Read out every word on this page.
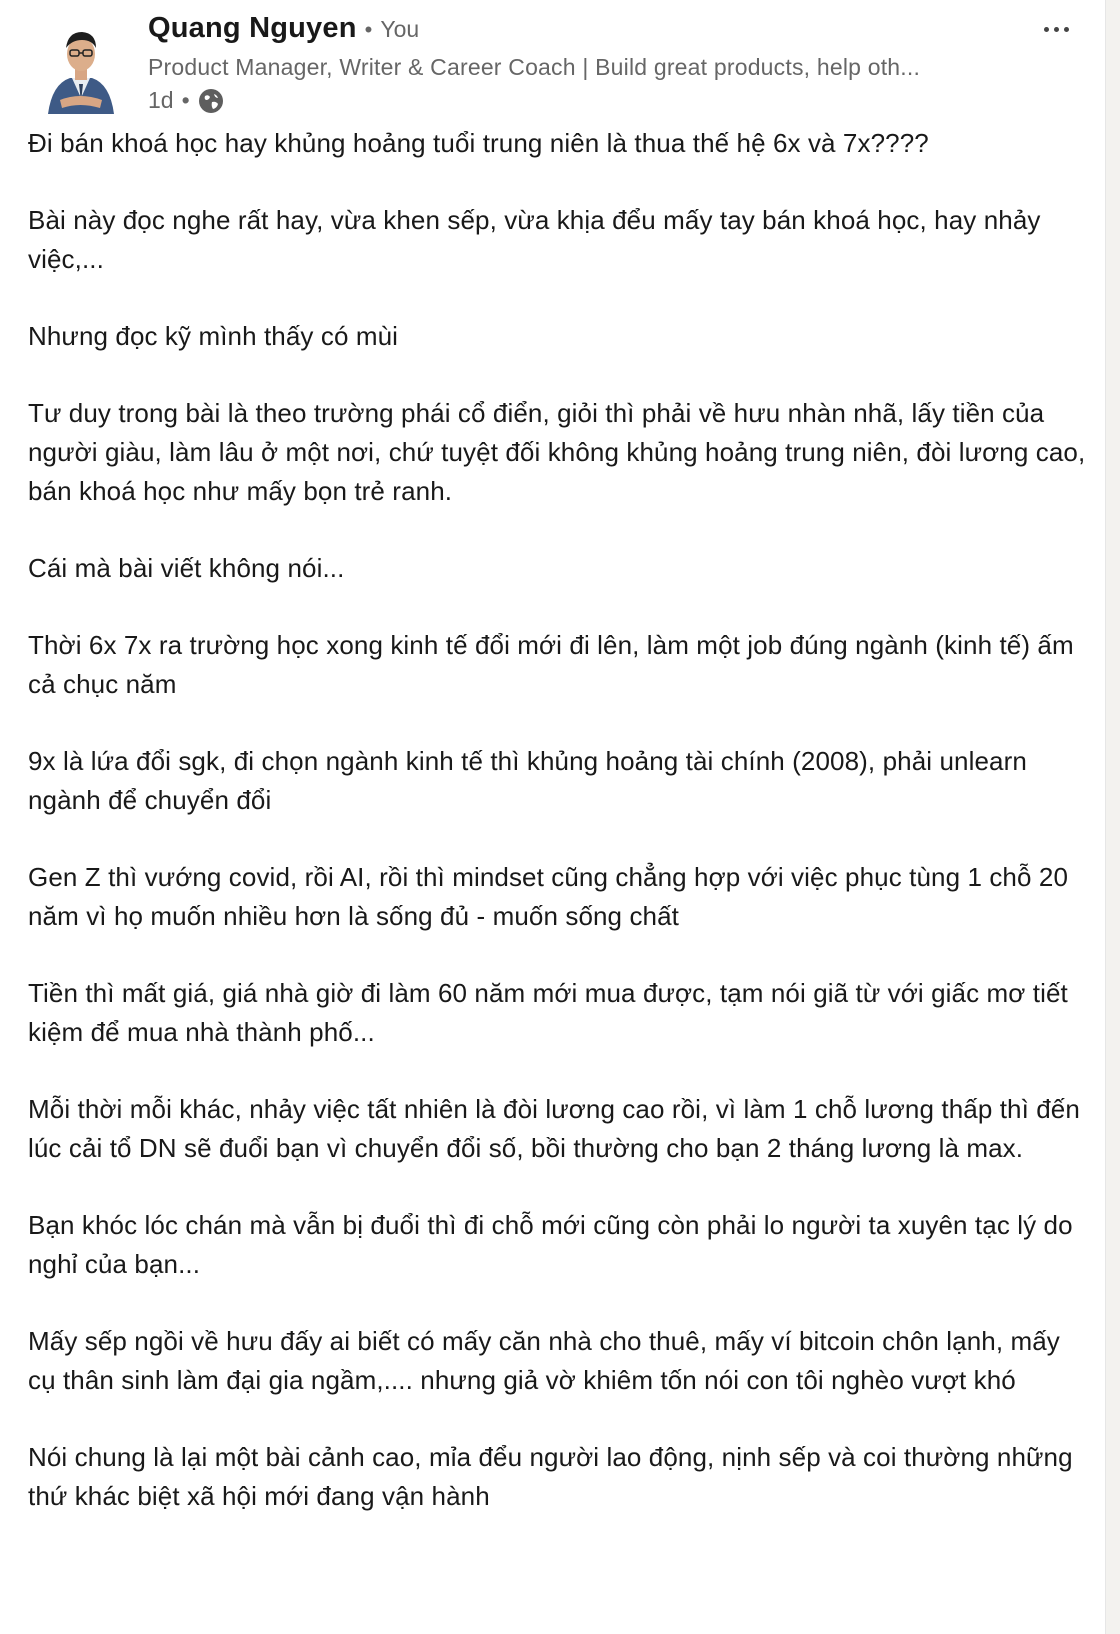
Quang Nguyen • You
Product Manager, Writer & Career Coach | Build great products, help oth...
1d •

Đi bán khoá học hay khủng hoảng tuổi trung niên là thua thế hệ 6x và 7x????

Bài này đọc nghe rất hay, vừa khen sếp, vừa khịa đểu mấy tay bán khoá học, hay nhảy việc,...

Nhưng đọc kỹ mình thấy có mùi

Tư duy trong bài là theo trường phái cổ điển, giỏi thì phải về hưu nhàn nhã, lấy tiền của người giàu, làm lâu ở một nơi, chứ tuyệt đối không khủng hoảng trung niên, đòi lương cao, bán khoá học như mấy bọn trẻ ranh.

Cái mà bài viết không nói...

Thời 6x 7x ra trường học xong kinh tế đổi mới đi lên, làm một job đúng ngành (kinh tế) ấm cả chục năm

9x là lứa đổi sgk, đi chọn ngành kinh tế thì khủng hoảng tài chính (2008), phải unlearn ngành để chuyển đổi

Gen Z thì vướng covid, rồi AI, rồi thì mindset cũng chẳng hợp với việc phục tùng 1 chỗ 20 năm vì họ muốn nhiều hơn là sống đủ - muốn sống chất

Tiền thì mất giá, giá nhà giờ đi làm 60 năm mới mua được, tạm nói giã từ với giấc mơ tiết kiệm để mua nhà thành phố...

Mỗi thời mỗi khác, nhảy việc tất nhiên là đòi lương cao rồi, vì làm 1 chỗ lương thấp thì đến lúc cải tổ DN sẽ đuổi bạn vì chuyển đổi số, bồi thường cho bạn 2 tháng lương là max.

Bạn khóc lóc chán mà vẫn bị đuổi thì đi chỗ mới cũng còn phải lo người ta xuyên tạc lý do nghỉ của bạn...

Mấy sếp ngồi về hưu đấy ai biết có mấy căn nhà cho thuê, mấy ví bitcoin chôn lạnh, mấy cụ thân sinh làm đại gia ngầm,.... nhưng giả vờ khiêm tốn nói con tôi nghèo vượt khó

Nói chung là lại một bài cảnh cao, mỉa đểu người lao động, nịnh sếp và coi thường những thứ khác biệt xã hội mới đang vận hành
